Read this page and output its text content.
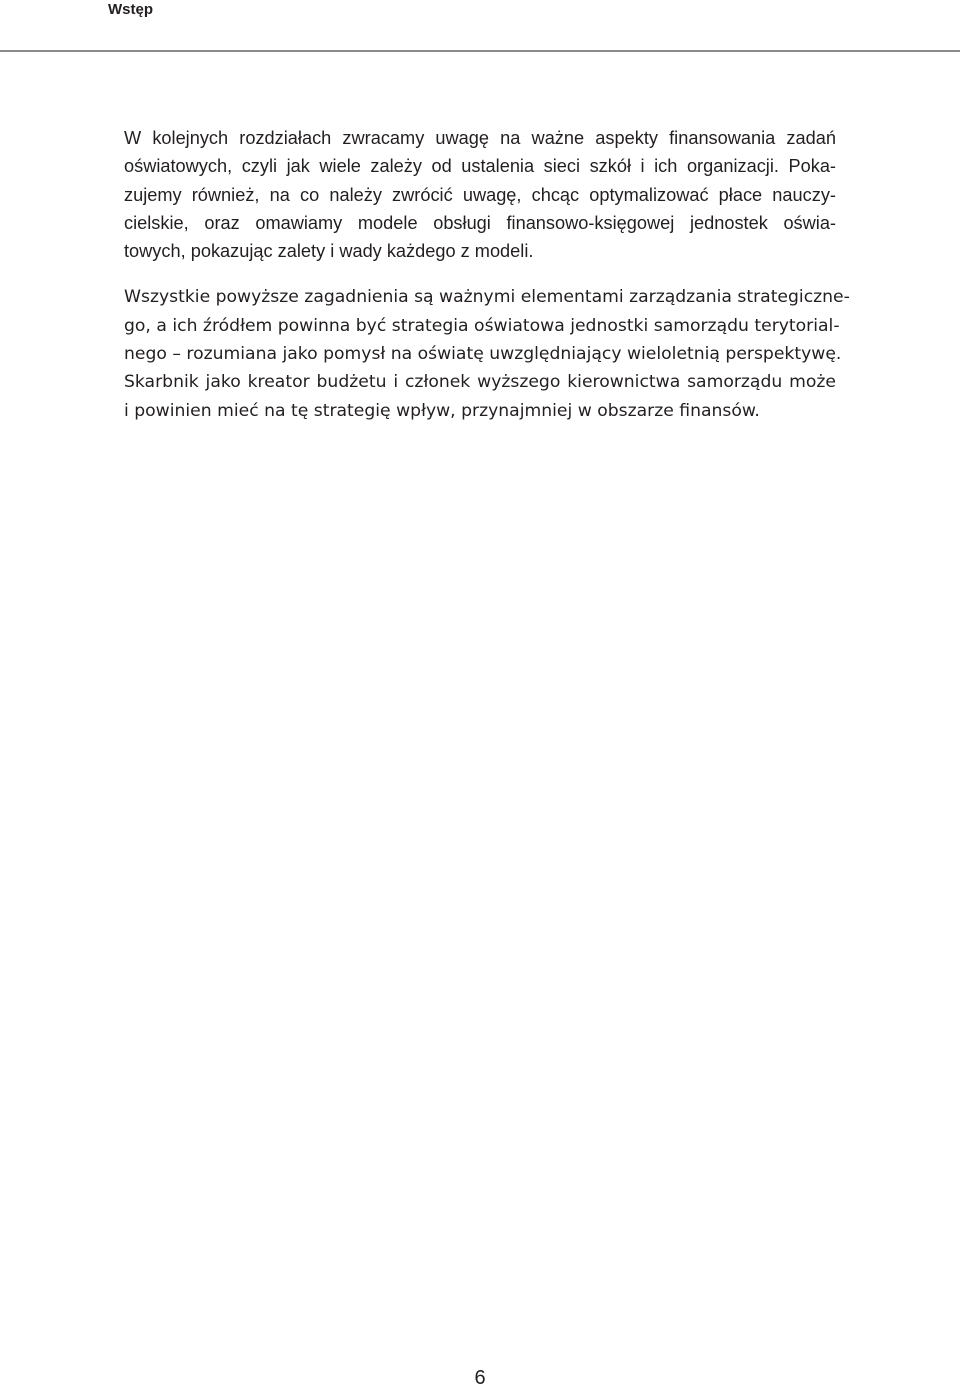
Wstęp

W kolejnych rozdziałach zwracamy uwagę na ważne aspekty finansowania zadań
oświatowych, czyli jak wiele zależy od ustalenia sieci szkół i ich organizacji. Poka-
zujemy również, na co należy zwrócić uwagę, chcąc optymalizować płace nauczy-
cielskie, oraz omawiamy modele obsługi finansowo-księgowej jednostek oświa-
towych, pokazując zalety i wady każdego z modeli.

Wszystkie powyższe zagadnienia są ważnymi elementami zarządzania strategiczne-
go, a ich źródłem powinna być strategia oświatowa jednostki samorządu terytorial-
nego – rozumiana jako pomysł na oświatę uwzględniający wieloletnią perspektywę.
Skarbnik jako kreator budżetu i członek wyższego kierownictwa samorządu może
i powinien mieć na tę strategię wpływ, przynajmniej w obszarze finansów.

6
